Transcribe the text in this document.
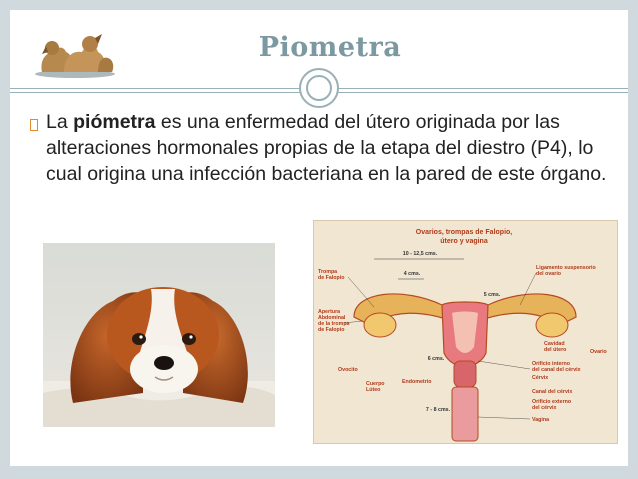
Piometra
La piómetra es una enfermedad del útero originada por las alteraciones hormonales propias de la etapa del diestro (P4), lo cual origina una infección bacteriana en la pared de este órgano.
Ovarios, trompas de Falopio,
útero y vagina
10 - 12,5 cms.
4 cms.
5 cms.
6 cms.
7 - 8 cms.
Trompa
de Falopio
Apertura
Abdominal
de la trompa
de Falopio
Ovocito
Cuerpo
Lúteo
Endometrio
Ligamento suspensorio
del ovario
Cavidad
del útero	Ovario
Orificio interno
del canal del cérvix
Cérvix
Canal del cérvix
Orificio externo
del cérvix
Vagina
